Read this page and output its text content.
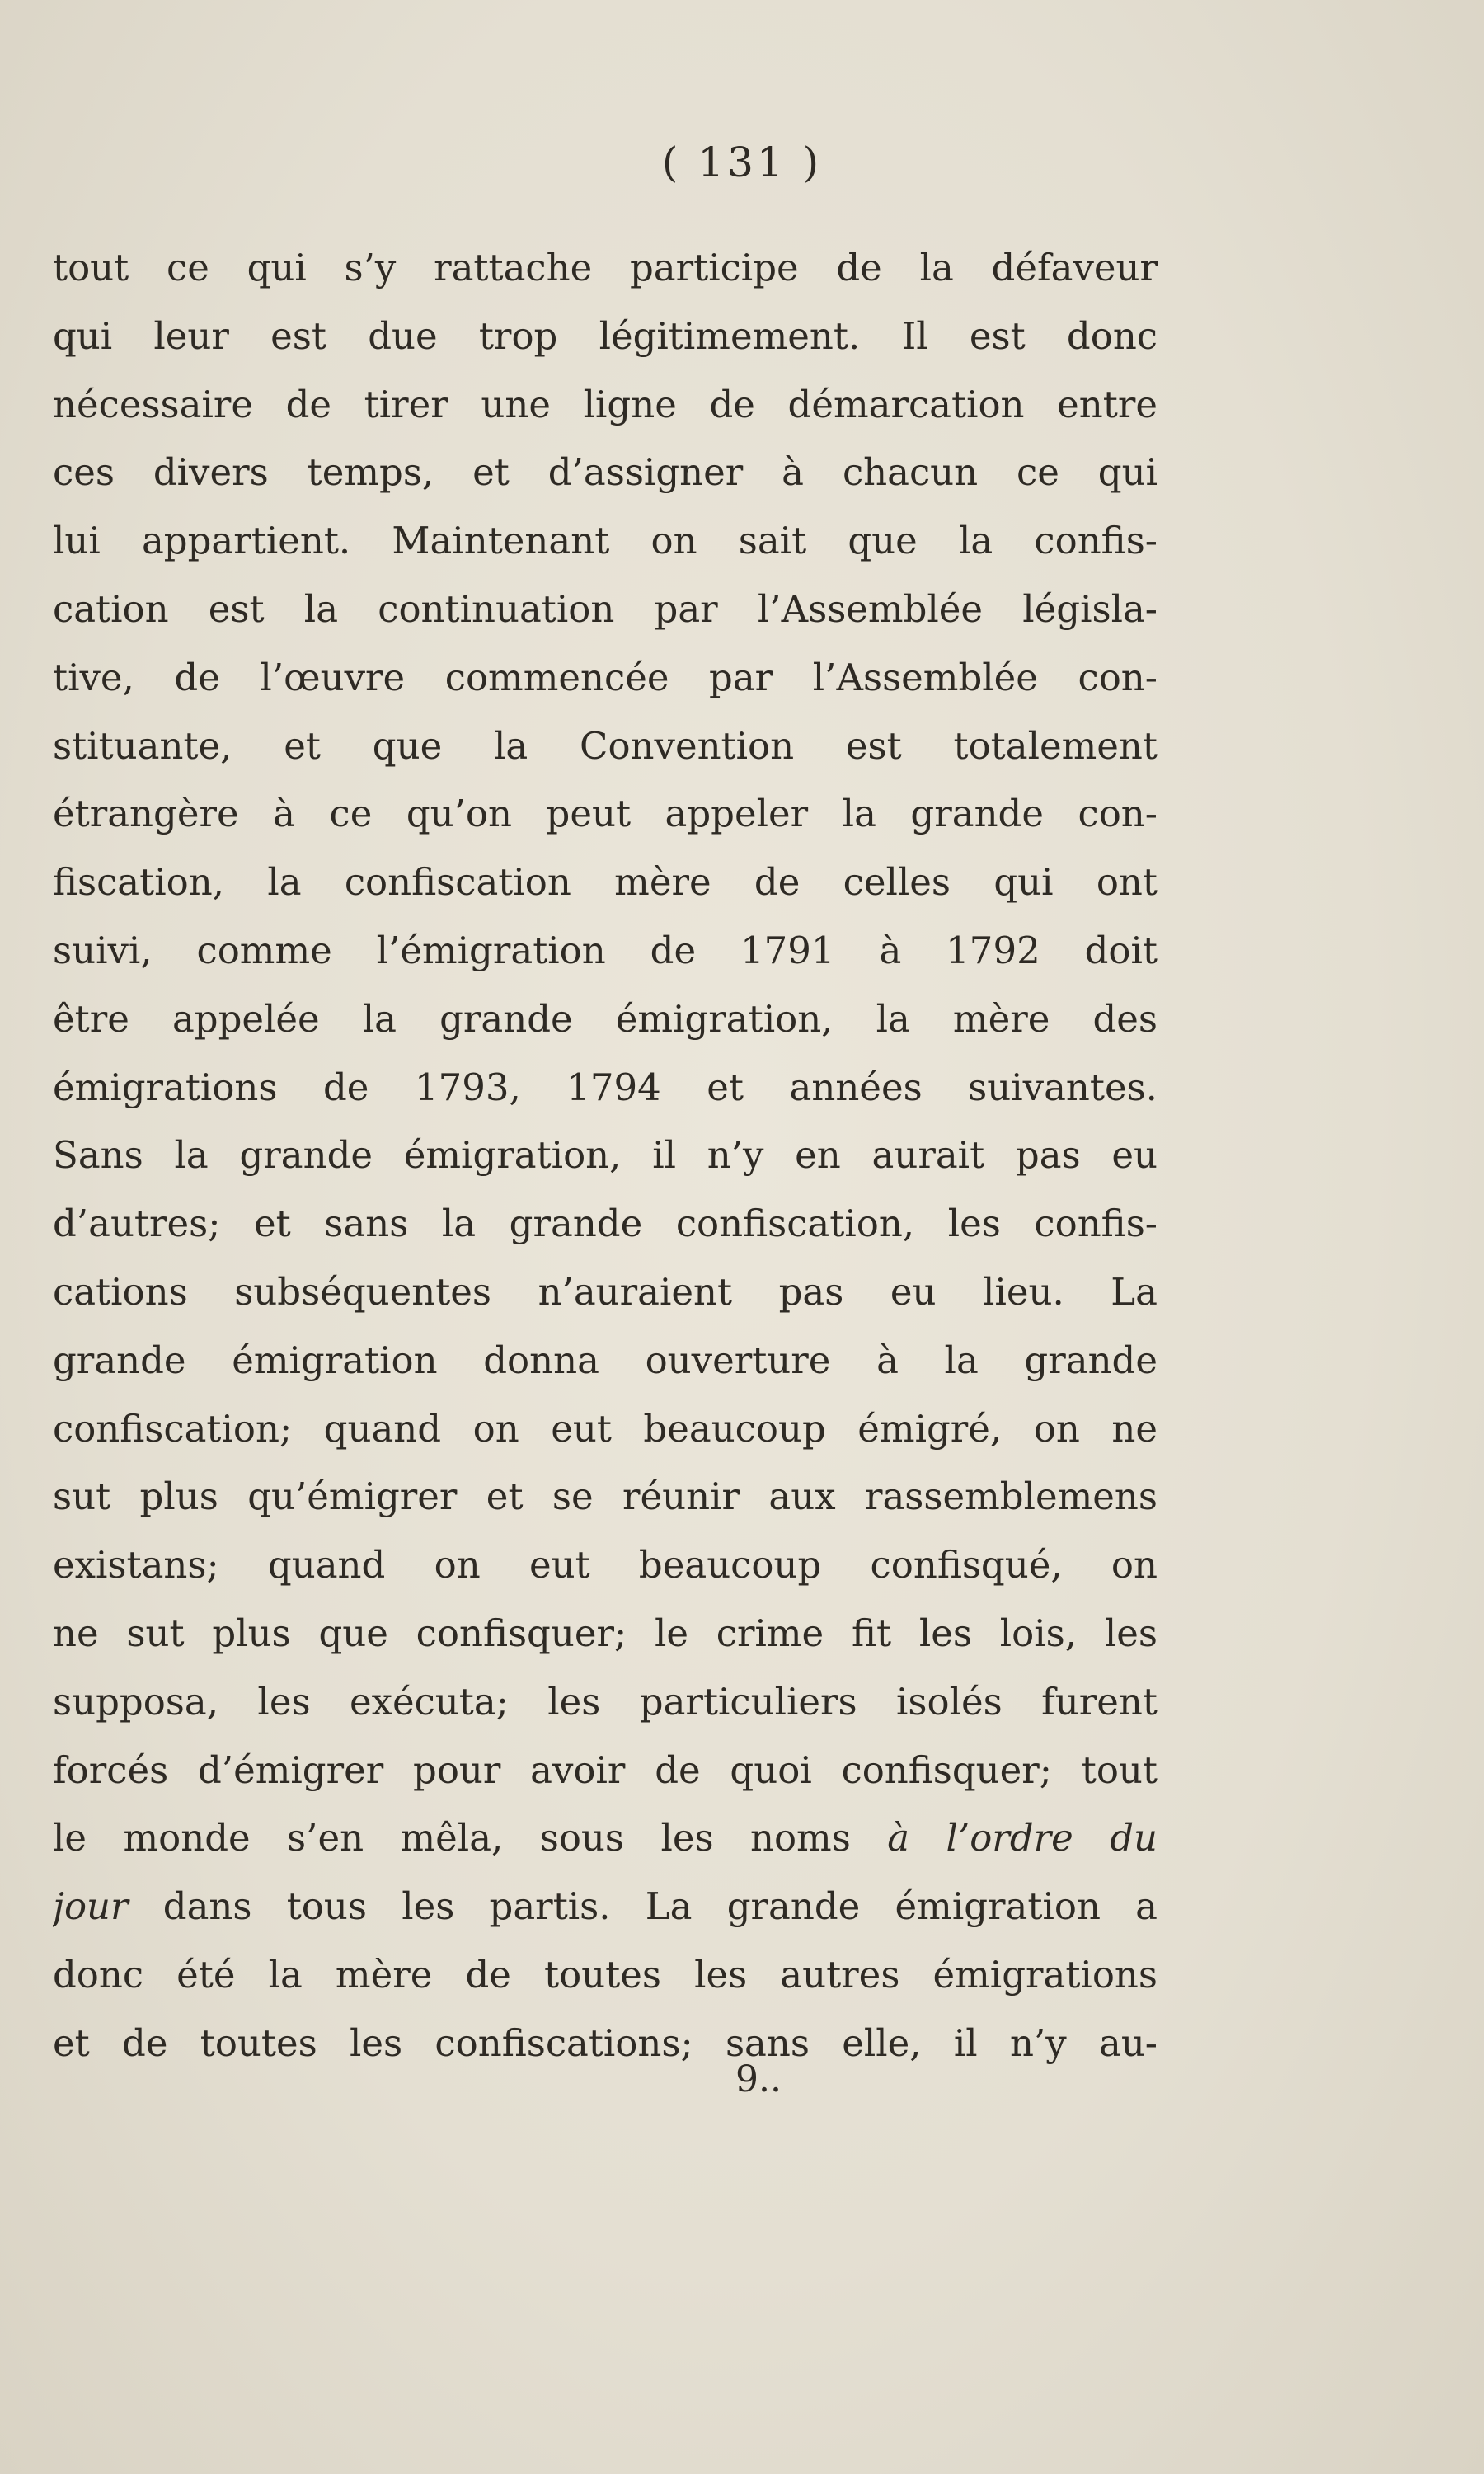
( 131 )
tout ce qui s’y rattache participe de la défaveur
qui leur est due trop légitimement. Il est donc
nécessaire de tirer une ligne de démarcation entre
ces divers temps, et d’assigner à chacun ce qui
lui appartient. Maintenant on sait que la confis-
cation est la continuation par l’Assemblée législa-
tive, de l’œuvre commencée par l’Assemblée con-
stituante, et que la Convention est totalement
étrangère à ce qu’on peut appeler la grande con-
fiscation, la confiscation mère de celles qui ont
suivi, comme l’émigration de 1791 à 1792 doit
être appelée la grande émigration, la mère des
émigrations de 1793, 1794 et années suivantes.
Sans la grande émigration, il n’y en aurait pas eu
d’autres; et sans la grande confiscation, les confis-
cations subséquentes n’auraient pas eu lieu. La
grande émigration donna ouverture à la grande
confiscation; quand on eut beaucoup émigré, on ne
sut plus qu’émigrer et se réunir aux rassemblemens
existans; quand on eut beaucoup confisqué, on
ne sut plus que confisquer; le crime fit les lois, les
supposa, les exécuta; les particuliers isolés furent
forcés d’émigrer pour avoir de quoi confisquer; tout
le monde s’en mêla, sous les noms à l’ordre du
jour dans tous les partis. La grande émigration a
donc été la mère de toutes les autres émigrations
et de toutes les confiscations; sans elle, il n’y au-
9..
